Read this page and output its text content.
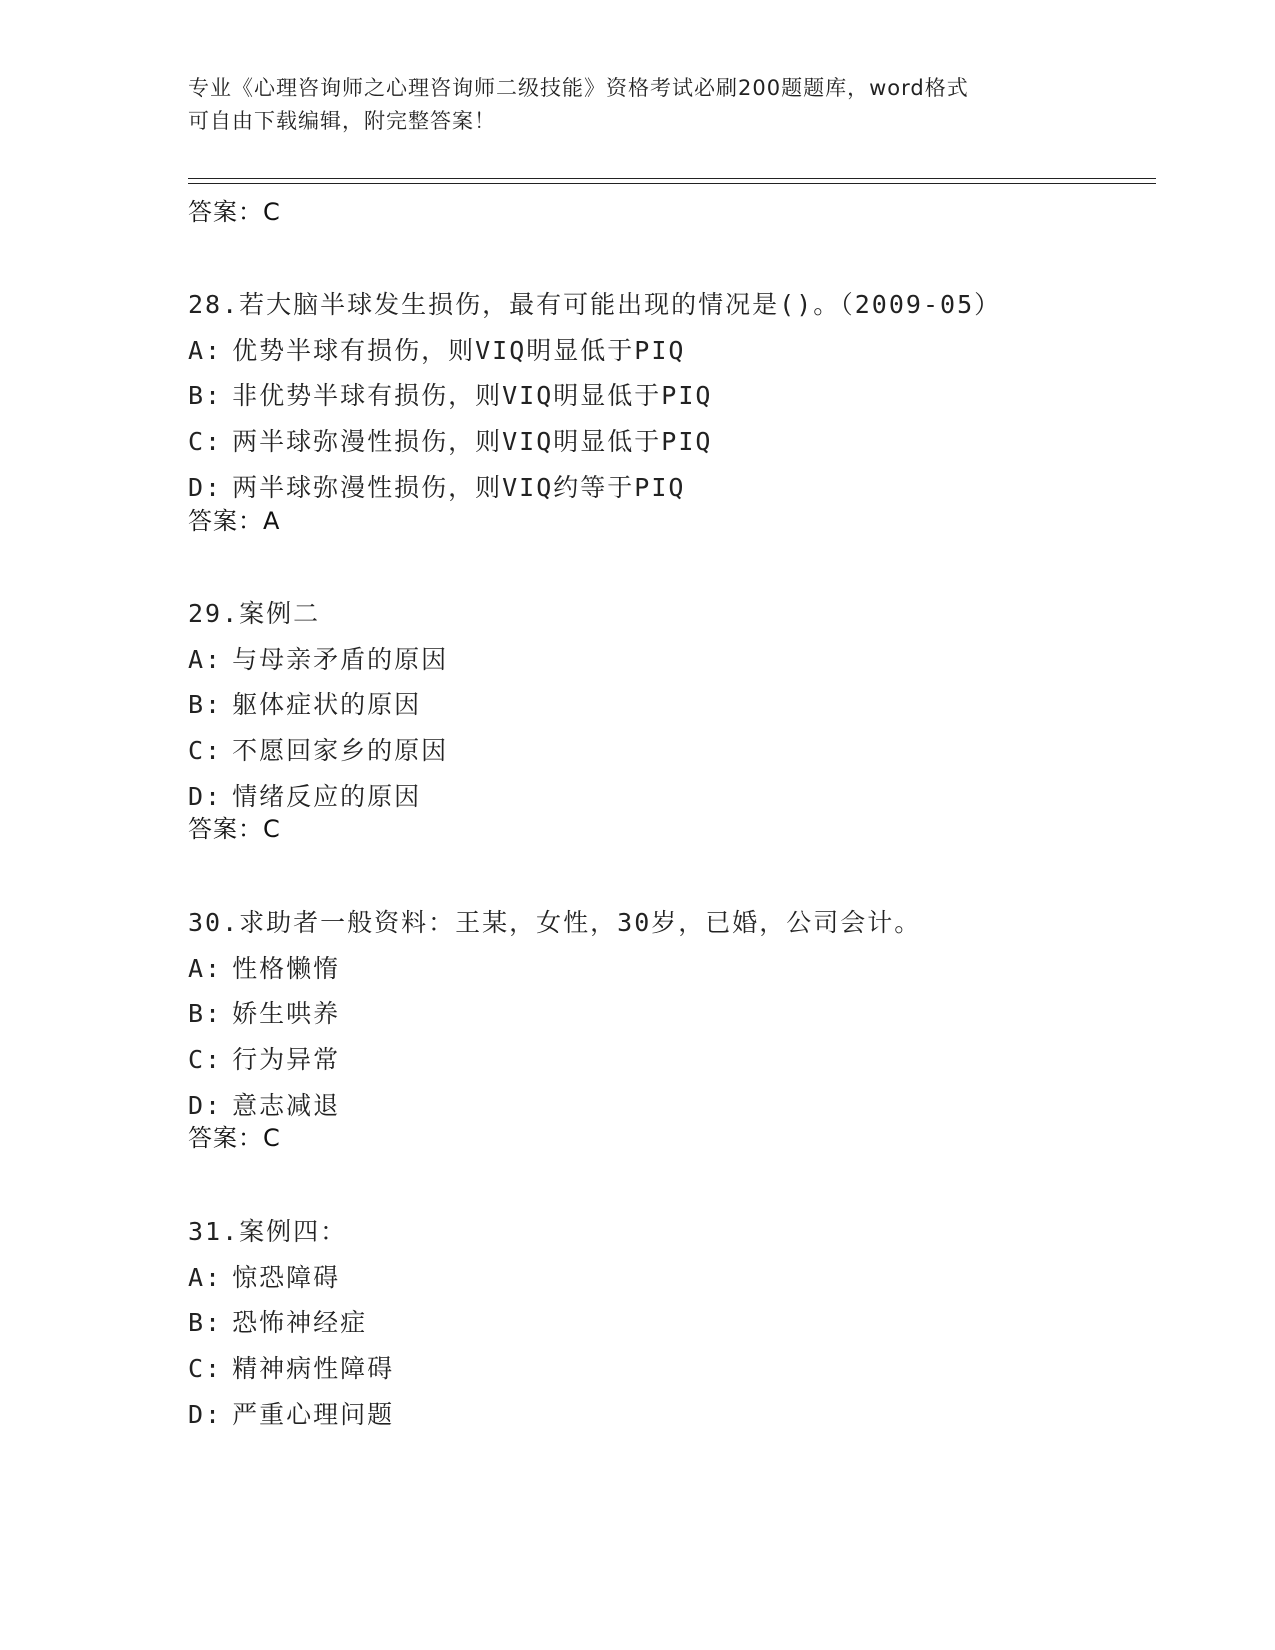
专业《心理咨询师之心理咨询师二级技能》资格考试必刷200题题库，word格式
可自由下载编辑，附完整答案！
答案：C
28.若大脑半球发生损伤，最有可能出现的情况是()。（2009-05）
A: 优势半球有损伤，则VIQ明显低于PIQ
B: 非优势半球有损伤，则VIQ明显低于PIQ
C: 两半球弥漫性损伤，则VIQ明显低于PIQ
D: 两半球弥漫性损伤，则VIQ约等于PIQ
答案：A
29.案例二
A: 与母亲矛盾的原因
B: 躯体症状的原因
C: 不愿回家乡的原因
D: 情绪反应的原因
答案：C
30.求助者一般资料：王某，女性，30岁，已婚，公司会计。
A: 性格懒惰
B: 娇生哄养
C: 行为异常
D: 意志减退
答案：C
31.案例四：
A: 惊恐障碍
B: 恐怖神经症
C: 精神病性障碍
D: 严重心理问题
